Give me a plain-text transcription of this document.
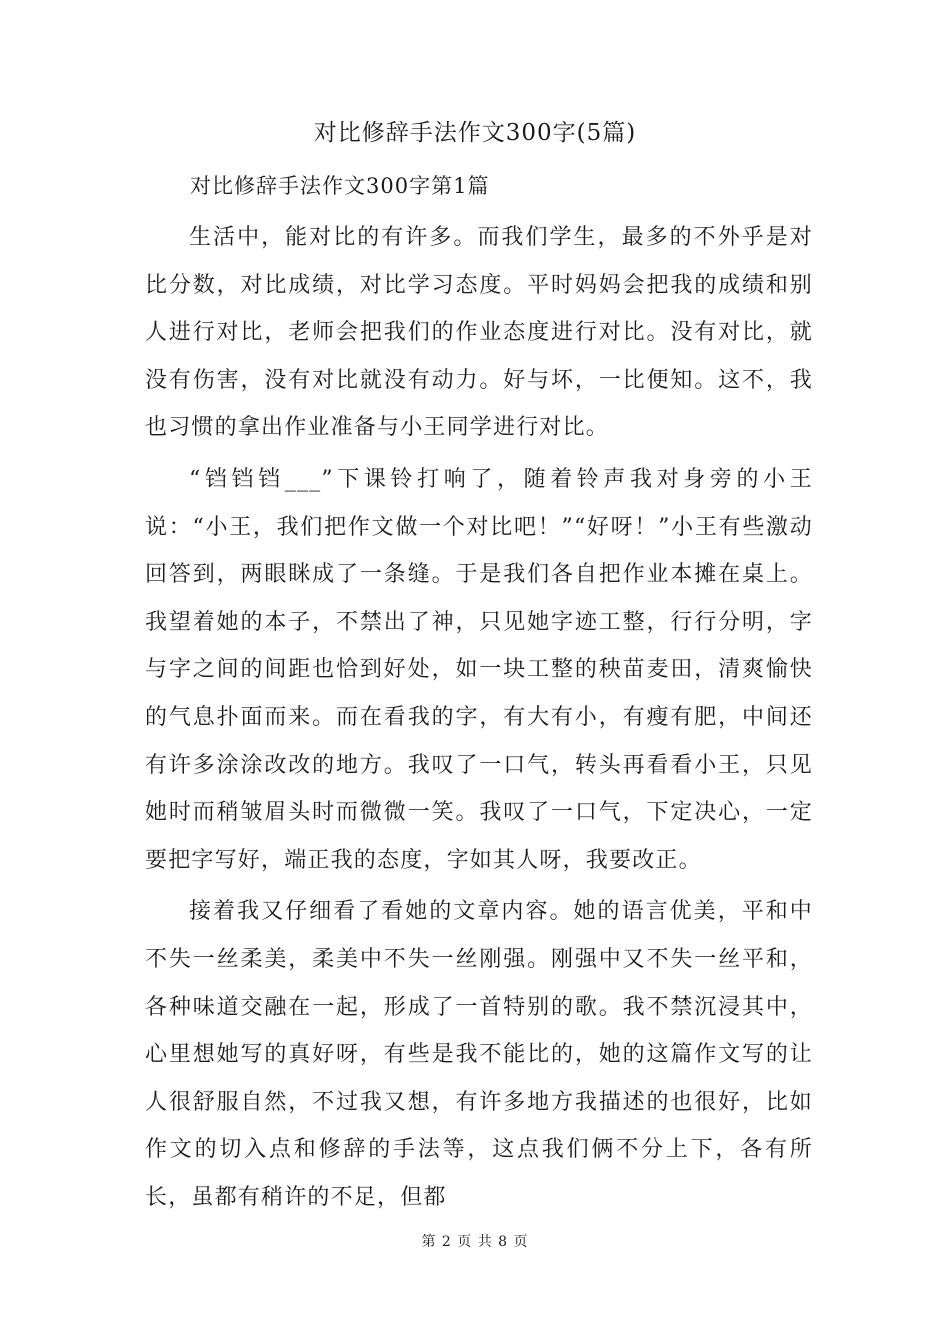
对比修辞手法作文300字(5篇)
对比修辞手法作文300字第1篇

生活中，能对比的有许多。而我们学生，最多的不外乎是对比分数，对比成绩，对比学习态度。平时妈妈会把我的成绩和别人进行对比，老师会把我们的作业态度进行对比。没有对比，就没有伤害，没有对比就没有动力。好与坏，一比便知。这不，我也习惯的拿出作业准备与小王同学进行对比。

“铛铛铛___”下课铃打响了，随着铃声我对身旁的小王说：“小王，我们把作文做一个对比吧！”“好呀！”小王有些激动回答到，两眼眯成了一条缝。于是我们各自把作业本摊在桌上。我望着她的本子，不禁出了神，只见她字迹工整，行行分明，字与字之间的间距也恰到好处，如一块工整的秧苗麦田，清爽愉快的气息扑面而来。而在看我的字，有大有小，有瘦有肥，中间还有许多涂涂改改的地方。我叹了一口气，转头再看看小王，只见她时而稍皱眉头时而微微一笑。我叹了一口气，下定决心，一定要把字写好，端正我的态度，字如其人呀，我要改正。

接着我又仔细看了看她的文章内容。她的语言优美，平和中不失一丝柔美，柔美中不失一丝刚强。刚强中又不失一丝平和，各种味道交融在一起，形成了一首特别的歌。我不禁沉浸其中，心里想她写的真好呀，有些是我不能比的，她的这篇作文写的让人很舒服自然，不过我又想，有许多地方我描述的也很好，比如作文的切入点和修辞的手法等，这点我们俩不分上下，各有所长，虽都有稍许的不足，但都

第 2 页 共 8 页
